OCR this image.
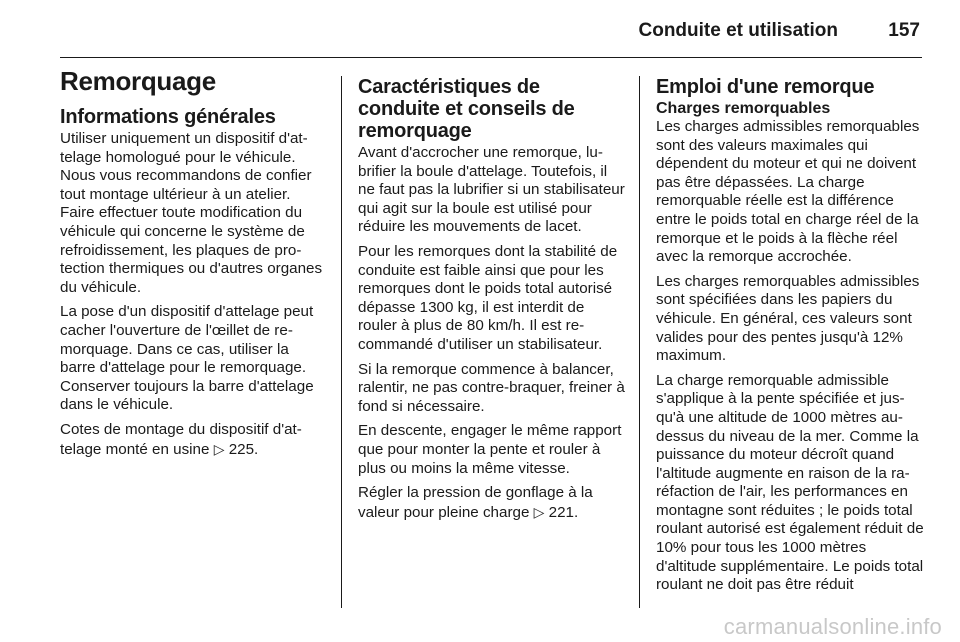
Conduite et utilisation	157
Remorquage
Informations générales

Utiliser uniquement un dispositif d'attelage homologué pour le véhicule. Nous vous recommandons de confier tout montage ultérieur à un atelier. Faire effectuer toute modification du véhicule qui concerne le système de refroidissement, les plaques de protection thermiques ou d'autres organes du véhicule.

La pose d'un dispositif d'attelage peut cacher l'ouverture de l'œillet de remorquage. Dans ce cas, utiliser la barre d'attelage pour le remorquage. Conserver toujours la barre d'attelage dans le véhicule.

Cotes de montage du dispositif d'attelage monté en usine ▷ 225.

Caractéristiques de conduite et conseils de remorquage

Avant d'accrocher une remorque, lubrifier la boule d'attelage. Toutefois, il ne faut pas la lubrifier si un stabilisateur qui agit sur la boule est utilisé pour réduire les mouvements de lacet.

Pour les remorques dont la stabilité de conduite est faible ainsi que pour les remorques dont le poids total autorisé dépasse 1300 kg, il est interdit de rouler à plus de 80 km/h. Il est recommandé d'utiliser un stabilisateur.

Si la remorque commence à balancer, ralentir, ne pas contre-braquer, freiner à fond si nécessaire.

En descente, engager le même rapport que pour monter la pente et rouler à plus ou moins la même vitesse.

Régler la pression de gonflage à la valeur pour pleine charge ▷ 221.

Emploi d'une remorque
Charges remorquables

Les charges admissibles remorquables sont des valeurs maximales qui dépendent du moteur et qui ne doivent pas être dépassées. La charge remorquable réelle est la différence entre le poids total en charge réel de la remorque et le poids à la flèche réel avec la remorque accrochée.

Les charges remorquables admissibles sont spécifiées dans les papiers du véhicule. En général, ces valeurs sont valides pour des pentes jusqu'à 12% maximum.

La charge remorquable admissible s'applique à la pente spécifiée et jusqu'à une altitude de 1000 mètres au-dessus du niveau de la mer. Comme la puissance du moteur décroît quand l'altitude augmente en raison de la raréfaction de l'air, les performances en montagne sont réduites ; le poids total roulant autorisé est également réduit de 10% pour tous les 1000 mètres d'altitude supplémentaire. Le poids total roulant ne doit pas être réduit

carmanualsonline.info
